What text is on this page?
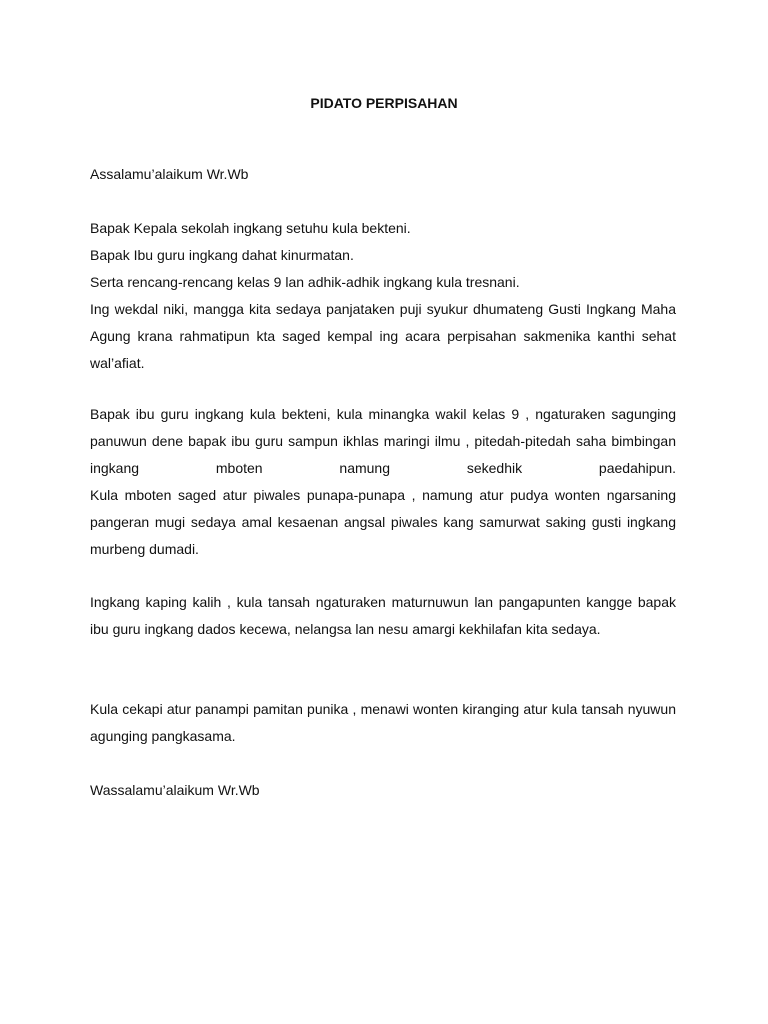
PIDATO PERPISAHAN
Assalamu’alaikum Wr.Wb
Bapak Kepala sekolah ingkang setuhu kula bekteni.
Bapak Ibu guru ingkang dahat kinurmatan.
Serta rencang-rencang kelas 9 lan adhik-adhik ingkang kula tresnani.

Ing wekdal niki, mangga kita sedaya panjataken puji syukur dhumateng Gusti Ingkang Maha Agung krana rahmatipun kta saged kempal ing acara perpisahan sakmenika kanthi sehat wal’afiat.

Bapak ibu guru ingkang kula bekteni, kula minangka wakil kelas 9 , ngaturaken sagunging panuwun dene bapak ibu guru sampun ikhlas maringi ilmu , pitedah-pitedah saha bimbingan ingkang mboten namung sekedhik paedahipun.

Kula mboten saged atur piwales punapa-punapa , namung atur pudya wonten ngarsaning pangeran mugi sedaya amal kesaenan angsal piwales kang samurwat saking gusti ingkang murbeng dumadi.

Ingkang kaping kalih , kula tansah ngaturaken maturnuwun lan pangapunten kangge bapak ibu guru ingkang dados kecewa, nelangsa lan nesu amargi kekhilafan kita sedaya.

Kula cekapi atur panampi pamitan punika , menawi wonten kiranging atur kula tansah nyuwun agunging pangkasama.

Wassalamu’alaikum Wr.Wb
